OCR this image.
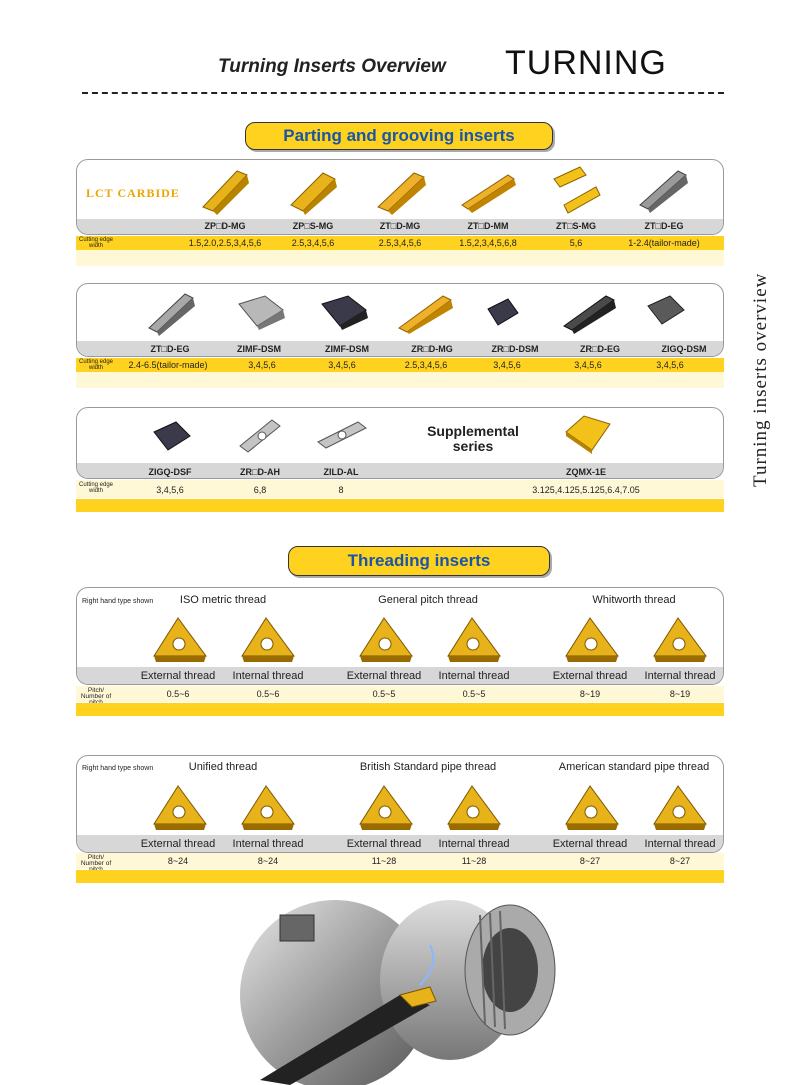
Turning Inserts Overview TURNING
Turning inserts overview
Parting and grooving inserts
LCT CARBIDE
ZP□D-MG	ZP□S-MG	ZT□D-MG	ZT□D-MM	ZT□S-MG	ZT□D-EG
Cutting edge width	1.5,2.0,2.5,3,4,5,6	2.5,3,4,5,6	2.5,3,4,5,6	1.5,2,3,4,5,6,8	5,6	1-2.4(tailor-made)
ZT□D-EG	ZIMF-DSM	ZIMF-DSM	ZR□D-MG	ZR□D-DSM	ZR□D-EG	ZIGQ-DSM
Cutting edge width	2.4-6.5(tailor-made)	3,4,5,6	3,4,5,6	2.5,3,4,5,6	3,4,5,6	3,4,5,6	3,4,5,6
Supplemental series
ZIGQ-DSF	ZR□D-AH	ZILD-AL	ZQMX-1E
Cutting edge width	3,4,5,6	6,8	8	3.125,4.125,5.125,6.4,7.05
Threading inserts
Right hand type shown ISO metric thread	General pitch thread	Whitworth thread
External thread Internal thread	External thread Internal thread	External thread Internal thread
Pitch/ Number of	0.5~6	0.5~6	0.5~5	0.5~5	8~19	8~19
Right hand type shown	Unified thread	British Standard pipe thread	American standard pipe thread
External thread Internal thread	External thread Internal thread	External thread Internal thread
Pitch/ Number of	8~24	8~24	11~28	11~28	8~27	8~27
